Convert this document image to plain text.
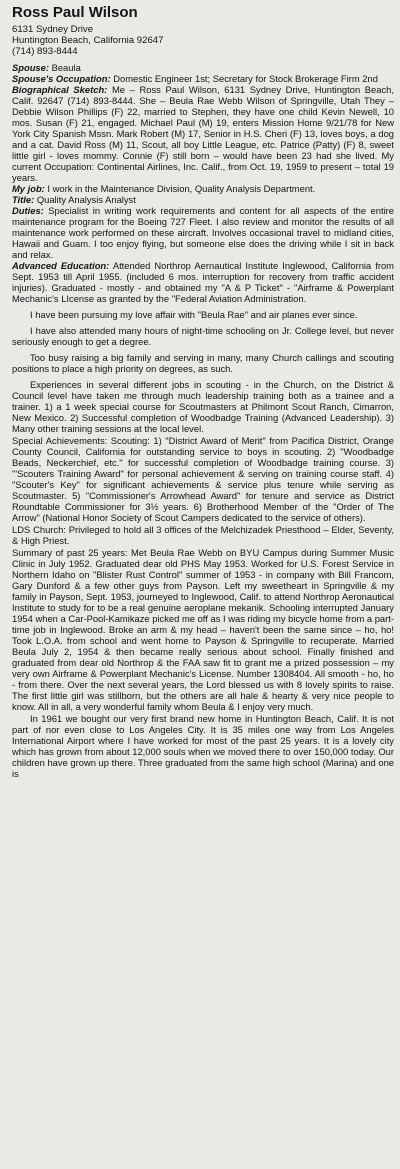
Ross Paul Wilson
6131 Sydney Drive
Huntington Beach, California 92647
(714) 893-8444
Spouse: Beaula
Spouse's Occupation: Domestic Engineer 1st; Secretary for Stock Brokerage Firm 2nd
Biographical Sketch: Me – Ross Paul Wilson, 6131 Sydney Drive, Huntington Beach, Calif. 92647 (714) 893-8444. She – Beula Rae Webb Wilson of Springville, Utah They – Debbie Wilson Phillips (F) 22, married to Stephen, they have one child Kevin Newell, 10 mos. Susan (F) 21, engaged. Michael Paul (M) 19, enters Mission Home 9/21/78 for New York City Spanish Mssn. Mark Robert (M) 17, Senior in H.S. Cheri (F) 13, loves boys, a dog and a cat. David Ross (M) 11, Scout, all boy Little League, etc. Patrice (Patty) (F) 8, sweet little girl - loves mommy. Connie (F) still born – would have been 23 had she lived. My current Occupation: Continental Airlines, Inc. Calif., from Oct. 19, 1959 to present – total 19 years.
My job: I work in the Maintenance Division, Quality Analysis Department.
Title: Quality Analysis Analyst
Duties: Specialist in writing work requirements and content for all aspects of the entire maintenance program for the Boeing 727 Fleet. I also review and monitor the results of all maintenance work performed on these aircraft. Involves occasional travel to midland cities, Hawaii and Guam. I too enjoy flying, but someone else does the driving while I sit in back and relax.
Advanced Education: Attended Northrop Aernautical Institute Inglewood, California from Sept. 1953 till April 1955. (included 6 mos. interruption for recovery from traffic accident injuries). Graduated - mostly - and obtained my "A & P Ticket" - "Airframe & Powerplant Mechanic's LIcense as granted by the "Federal Aviation Administration.

I have been pursuing my love affair with "Beula Rae" and air planes ever since.

I have also attended many hours of night-time schooling on Jr. College level, but never seriously enough to get a degree.

Too busy raising a big family and serving in many, many Church callings and scouting positions to place a high priority on degrees, as such.

Experiences in several different jobs in scouting - in the Church, on the District & Council level have taken me through much leadership training both as a trainee and a trainer. 1) a 1 week special course for Scoutmasters at Philmont Scout Ranch, Cimarron, New Mexico. 2) Successful completion of Woodbadge Training (Advanced Leadership). 3) Many other training sessions at the local level.

Special Achievements: Scouting: 1) "District Award of Merit" from Pacifica District, Orange County Council, California for outstanding service to boys in scouting. 2) "Woodbadge Beads, Neckerchief, etc." for successful completion of Woodbadge training course. 3) "'Scouters Training Award" for personal achievement & serving on training course staff. 4) "Scouter's Key" for significant achievements & service plus tenure while serving as Scoutmaster. 5) "Commissioner's Arrowhead Award" for tenure and service as District Roundtable Commissioner for 3½ years. 6) Brotherhood Member of the "Order of The Arrow" (National Honor Society of Scout Campers dedicated to the service of others).

LDS Church: Privileged to hold all 3 offices of the Melchizadek Priesthood – Elder, Seventy, & High Priest.

Summary of past 25 years: Met Beula Rae Webb on BYU Campus during Summer Music Clinic in July 1952. Graduated dear old PHS May 1953. Worked for U.S. Forest Service in Northern Idaho on "Blister Rust Control" summer of 1953 - in company with Bill Francom, Gary Dunford & a few other guys from Payson. Left my sweetheart in Springville & my family in Payson, Sept. 1953, journeyed to Inglewood, Calif. to attend Northrop Aeronautical Institute to study for to be a real genuine aeroplane mekanik. Schooling interrupted January 1954 when a Car-Pool-Kamikaze picked me off as I was riding my bicycle home from a part-time job in Inglewood. Broke an arm & my head – haven't been the same since – ho, ho! Took L.O.A. from school and went home to Payson & Springville to recuperate. Married Beula July 2, 1954 & then became really serious about school. Finally finished and graduated from dear old Northrop & the FAA saw fit to grant me a prized possession – my very own Airframe & Powerplant Mechanic's License. Number 1308404. All smooth - ho, ho - from there. Over the next several years, the Lord blessed us with 8 lovely spirits to raise. The first little girl was stillborn, but the others are all hale & hearty & very nice people to know. All in all, a very wonderful family whom Beula & I enjoy very much.

In 1961 we bought our very first brand new home in Huntington Beach, Calif. It is not part of nor even close to Los Angeles City. It is 35 miles one way from Los Angeles International Airport where I have worked for most of the past 25 years. It is a lovely city which has grown from about 12,000 souls when we moved there to over 150,000 today. Our children have grown up there. Three graduated from the same high school (Marina) and one is
